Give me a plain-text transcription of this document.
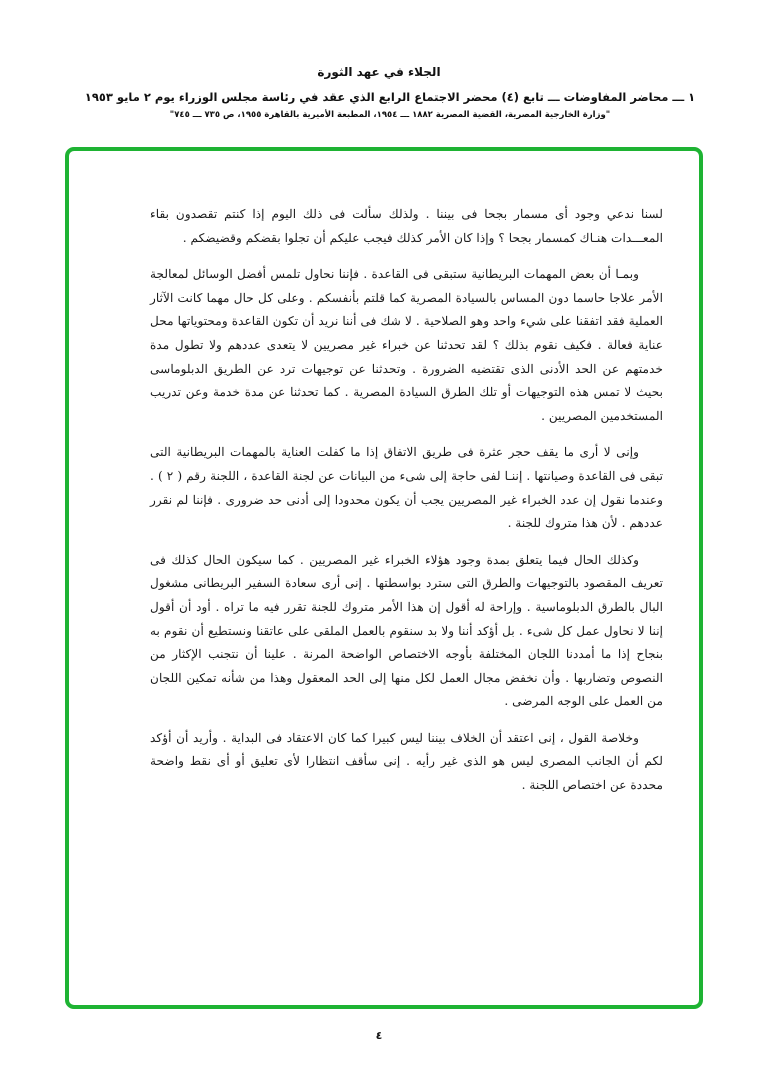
الجلاء في عهد الثورة
١ ـــ محاضر المفاوضات ـــ تابع (٤) محضر الاجتماع الرابع الذي عقد في رئاسة مجلس الوزراء يوم ٢ مايو ١٩٥٣
"وزارة الخارجية المصرية، القضية المصرية ١٨٨٢ ـــ ١٩٥٤، المطبعة الأميرية بالقاهرة ١٩٥٥، ص ٧٣٥ ـــ ٧٤٥"

لسنا ندعي وجود أى مسمار بجحا فى بيننا . ولذلك سألت فى ذلك اليوم إذا كنتم تقصدون بقاء المعـــدات هنـاك كمسمار بجحا ؟ وإذا كان الأمر كذلك فيجب عليكم أن تجلوا بقضكم وقضيضكم .

وبمـا أن بعض المهمات البريطانية ستبقى فى القاعدة . فإننا نحاول تلمس أفضل الوسائل لمعالجة الأمر علاجا حاسما دون المساس بالسيادة المصرية كما قلتم بأنفسكم . وعلى كل حال مهما كانت الآثار العملية فقد اتفقنا على شيء واحد وهو الصلاحية . لا شك فى أننا نريد أن تكون القاعدة ومحتوياتها محل عناية فعالة . فكيف نقوم بذلك ؟ لقد تحدثنا عن خبراء غير مصريين لا يتعدى عددهم ولا تطول مدة خدمتهم عن الحد الأدنى الذى تقتضيه الضرورة . وتحدثنا عن توجيهات ترد عن الطريق الدبلوماسى بحيث لا تمس هذه التوجيهات أو تلك الطرق السيادة المصرية . كما تحدثنا عن مدة خدمة وعن تدريب المستخدمين المصريين .

وإنى لا أرى ما يقف حجر عثرة فى طريق الاتفاق إذا ما كفلت العناية بالمهمات البريطانية التى تبقى فى القاعدة وصيانتها . إننـا لفى حاجة إلى شىء من البيانات عن لجنة القاعدة ، اللجنة رقم ( ٢ ) . وعندما نقول إن عدد الخبراء غير المصريين يجب أن يكون محدودا إلى أدنى حد ضرورى . فإننا لم نقرر عددهم . لأن هذا متروك للجنة .

وكذلك الحال فيما يتعلق بمدة وجود هؤلاء الخبراء غير المصريين . كما سيكون الحال كذلك فى تعريف المقصود بالتوجيهات والطرق التى سترد بواسطتها . إنى أرى سعادة السفير البريطانى مشغول البال بالطرق الدبلوماسية . وإراحة له أقول إن هذا الأمر متروك للجنة تقرر فيه ما تراه . أود أن أقول إننا لا نحاول عمل كل شىء . بل أؤكد أننا ولا بد سنقوم بالعمل الملقى على عاتقنا ونستطيع أن نقوم به بنجاح إذا ما أمددنا اللجان المختلفة بأوجه الاختصاص الواضحة المرنة . علينا أن نتجنب الإكثار من النصوص وتضاربها . وأن نخفض مجال العمل لكل منها إلى الحد المعقول وهذا من شأنه تمكين اللجان من العمل على الوجه المرضى .

وخلاصة القول ، إنى اعتقد أن الخلاف بيننا ليس كبيرا كما كان الاعتقاد فى البداية . وأريد أن أؤكد لكم أن الجانب المصرى ليس هو الذى غير رأيه . إنى سأقف انتظارا لأى تعليق أو أى نقط واضحة محددة عن اختصاص اللجنة .

٤
